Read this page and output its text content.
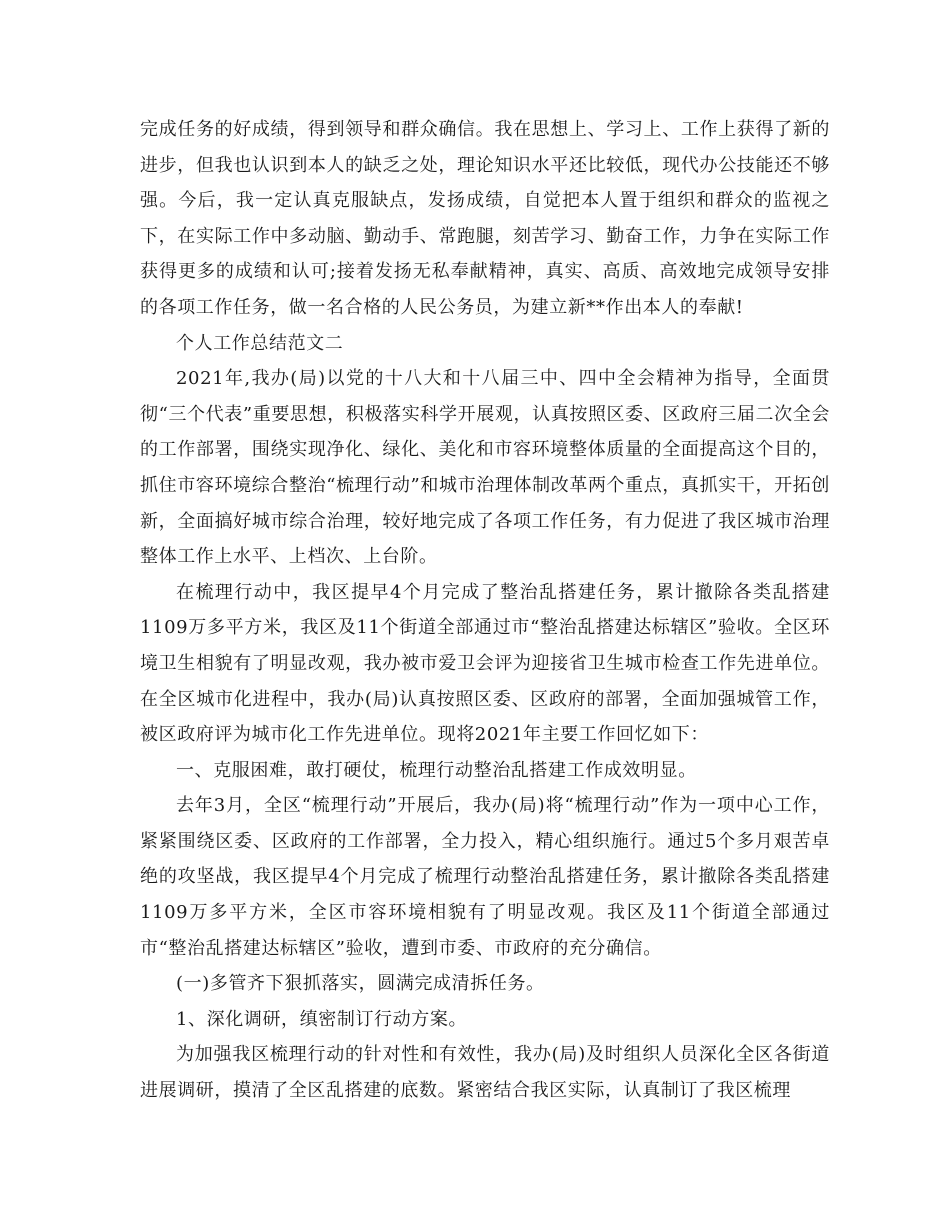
完成任务的好成绩，得到领导和群众确信。我在思想上、学习上、工作上获得了新的进步，但我也认识到本人的缺乏之处，理论知识水平还比较低，现代办公技能还不够强。今后，我一定认真克服缺点，发扬成绩，自觉把本人置于组织和群众的监视之下，在实际工作中多动脑、勤动手、常跑腿，刻苦学习、勤奋工作，力争在实际工作获得更多的成绩和认可;接着发扬无私奉献精神，真实、高质、高效地完成领导安排的各项工作任务，做一名合格的人民公务员，为建立新**作出本人的奉献!

个人工作总结范文二

2021年,我办(局)以党的十八大和十八届三中、四中全会精神为指导，全面贯彻“三个代表”重要思想，积极落实科学开展观，认真按照区委、区政府三届二次全会的工作部署，围绕实现净化、绿化、美化和市容环境整体质量的全面提高这个目的，抓住市容环境综合整治“梳理行动”和城市治理体制改革两个重点，真抓实干，开拓创新，全面搞好城市综合治理，较好地完成了各项工作任务，有力促进了我区城市治理整体工作上水平、上档次、上台阶。

在梳理行动中，我区提早4个月完成了整治乱搭建任务，累计撤除各类乱搭建1109万多平方米，我区及11个街道全部通过市“整治乱搭建达标辖区”验收。全区环境卫生相貌有了明显改观，我办被市爱卫会评为迎接省卫生城市检查工作先进单位。在全区城市化进程中，我办(局)认真按照区委、区政府的部署，全面加强城管工作，被区政府评为城市化工作先进单位。现将2021年主要工作回忆如下：

一、克服困难，敢打硬仗，梳理行动整治乱搭建工作成效明显。

去年3月，全区“梳理行动”开展后，我办(局)将“梳理行动”作为一项中心工作，紧紧围绕区委、区政府的工作部署，全力投入，精心组织施行。通过5个多月艰苦卓绝的攻坚战，我区提早4个月完成了梳理行动整治乱搭建任务，累计撤除各类乱搭建1109万多平方米，全区市容环境相貌有了明显改观。我区及11个街道全部通过市“整治乱搭建达标辖区”验收，遭到市委、市政府的充分确信。

(一)多管齐下狠抓落实，圆满完成清拆任务。

1、深化调研，缜密制订行动方案。

为加强我区梳理行动的针对性和有效性，我办(局)及时组织人员深化全区各街道进展调研，摸清了全区乱搭建的底数。紧密结合我区实际，认真制订了我区梳理
